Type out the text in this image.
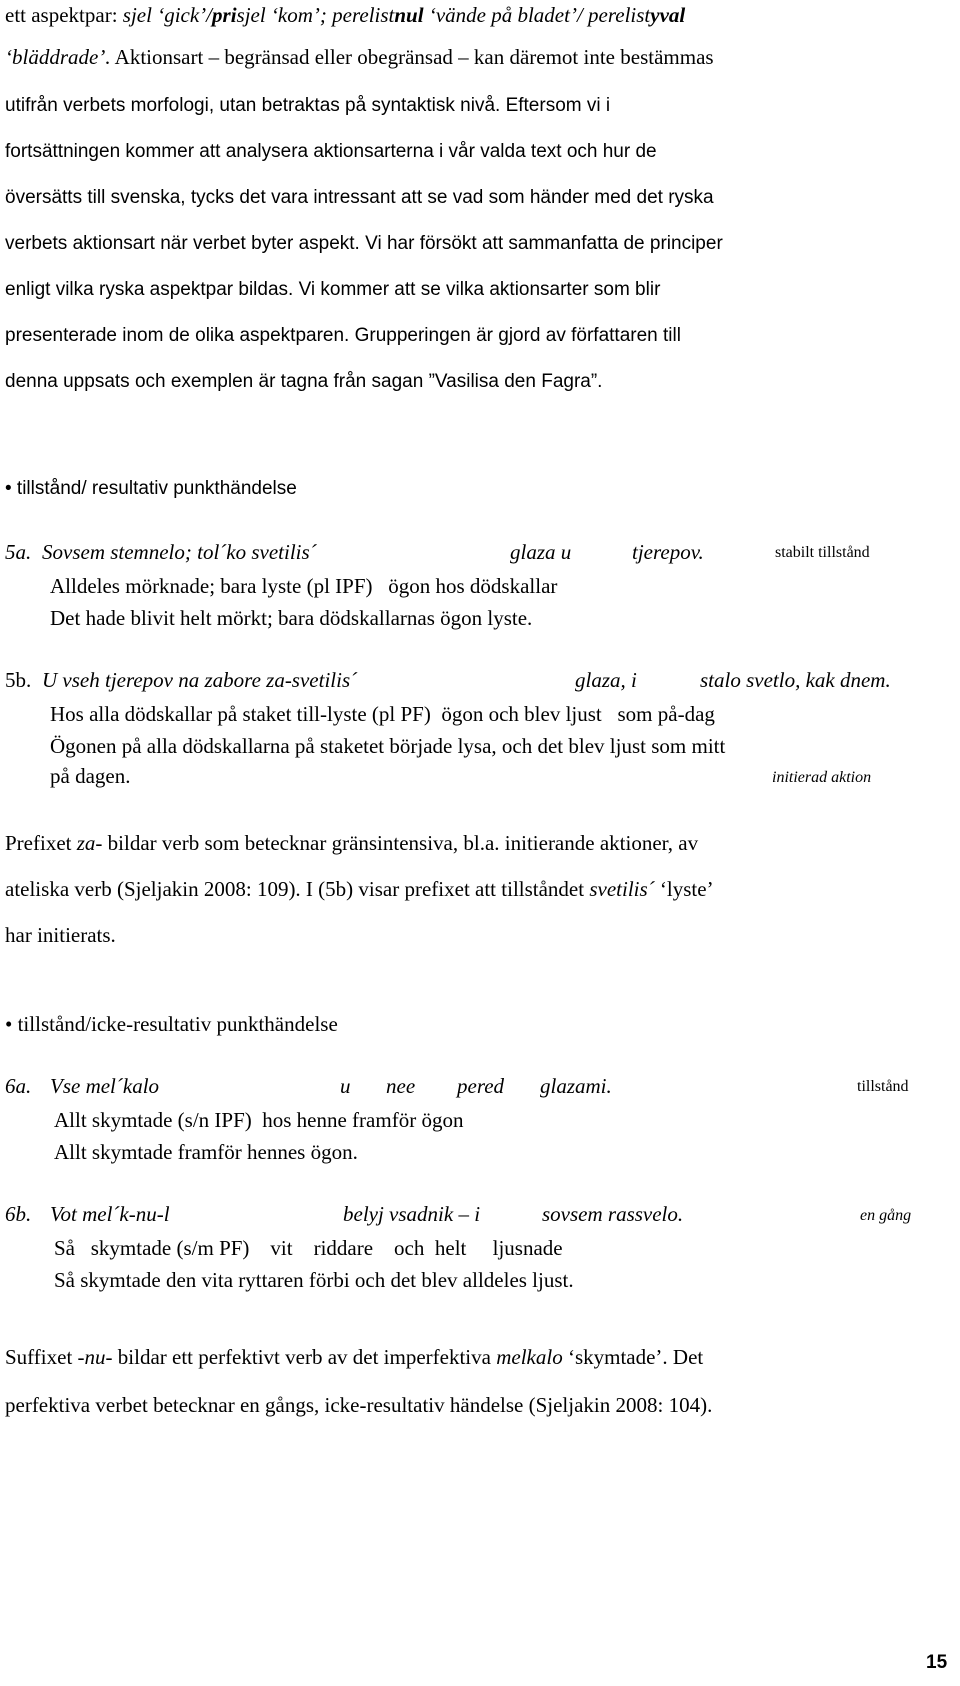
ett aspektpar: sjel ‘gick’/prisjel ‘kom’; perelistnul ‘vände på bladet’/ perelistyval
‘bläddrade’. Aktionsart – begränsad eller obegränsad – kan däremot inte bestämmas
utifrån verbets morfologi, utan betraktas på syntaktisk nivå. Eftersom vi i
fortsättningen kommer att analysera aktionsarterna i vår valda text och hur de
översätts till svenska, tycks det vara intressant att se vad som händer med det ryska
verbets aktionsart när verbet byter aspekt. Vi har försökt att sammanfatta de principer
enligt vilka ryska aspektpar bildas. Vi kommer att se vilka aktionsarter som blir
presenterade inom de olika aspektparen. Grupperingen är gjord av författaren till
denna uppsats och exemplen är tagna från sagan ”Vasilisa den Fagra”.
• tillstånd/ resultativ punkthändelse
5a. Sovsem stemnelo; tol´ko svetilis´	glaza u	tjerepov.	stabilt tillstånd
Alldeles mörknade; bara lyste (pl IPF)   ögon hos dödskallar
Det hade blivit helt mörkt; bara dödskallarnas ögon lyste.
5b. U vseh tjerepov na zabore za-svetilis´	glaza, i	stalo svetlo, kak dnem.
Hos alla dödskallar på staket till-lyste (pl PF)  ögon och blev ljust   som på-dag
Ögonen på alla dödskallarna på staketet började lysa, och det blev ljust som mitt
på dagen.	initierad aktion
Prefixet za- bildar verb som betecknar gränsintensiva, bl.a. initierande aktioner, av
ateliska verb (Sjeljakin 2008: 109). I (5b) visar prefixet att tillståndet svetilis´ ‘lyste’
har initierats.
• tillstånd/icke-resultativ punkthändelse
6a. Vse mel´kalo	u nee pered glazami.	tillstånd
Allt skymtade (s/n IPF)  hos henne framför ögon
Allt skymtade framför hennes ögon.
6b. Vot mel´k-nu-l	belyj vsadnik – i	sovsem rassvelo.	en gång
Så   skymtade (s/m PF)    vit    riddare    och  helt     ljusnade
Så skymtade den vita ryttaren förbi och det blev alldeles ljust.
Suffixet -nu- bildar ett perfektivt verb av det imperfektiva melkalo ‘skymtade’. Det
perfektiva verbet betecknar en gångs, icke-resultativ händelse (Sjeljakin 2008: 104).
15
